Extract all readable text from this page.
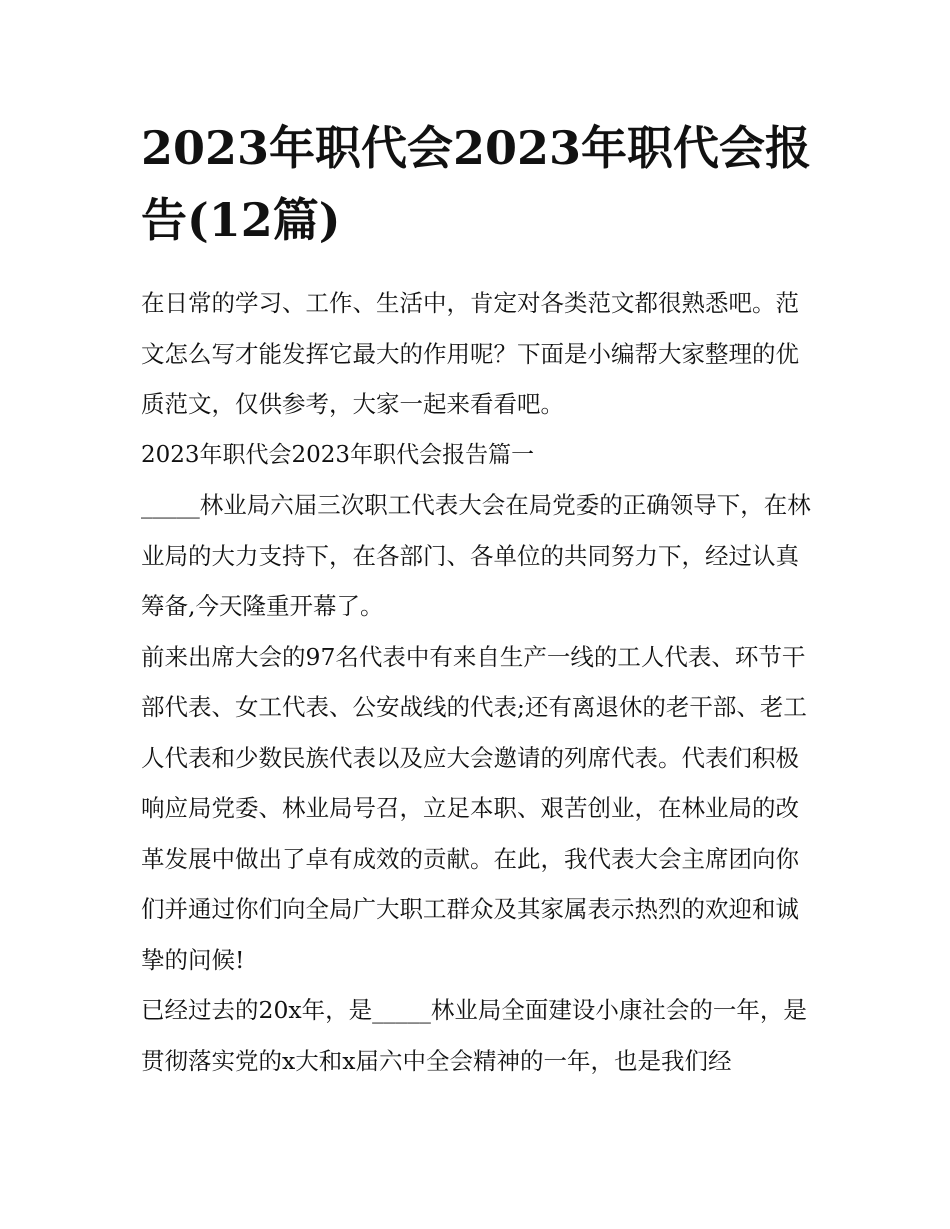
2023年职代会2023年职代会报告(12篇)

在日常的学习、工作、生活中，肯定对各类范文都很熟悉吧。范文怎么写才能发挥它最大的作用呢？下面是小编帮大家整理的优质范文，仅供参考，大家一起来看看吧。

2023年职代会2023年职代会报告篇一

_____林业局六届三次职工代表大会在局党委的正确领导下，在林业局的大力支持下，在各部门、各单位的共同努力下，经过认真筹备,今天隆重开幕了。

前来出席大会的97名代表中有来自生产一线的工人代表、环节干部代表、女工代表、公安战线的代表;还有离退休的老干部、老工人代表和少数民族代表以及应大会邀请的列席代表。代表们积极响应局党委、林业局号召，立足本职、艰苦创业，在林业局的改革发展中做出了卓有成效的贡献。在此，我代表大会主席团向你们并通过你们向全局广大职工群众及其家属表示热烈的欢迎和诚挚的问候!

已经过去的20x年，是_____林业局全面建设小康社会的一年，是贯彻落实党的x大和x届六中全会精神的一年，也是我们经
